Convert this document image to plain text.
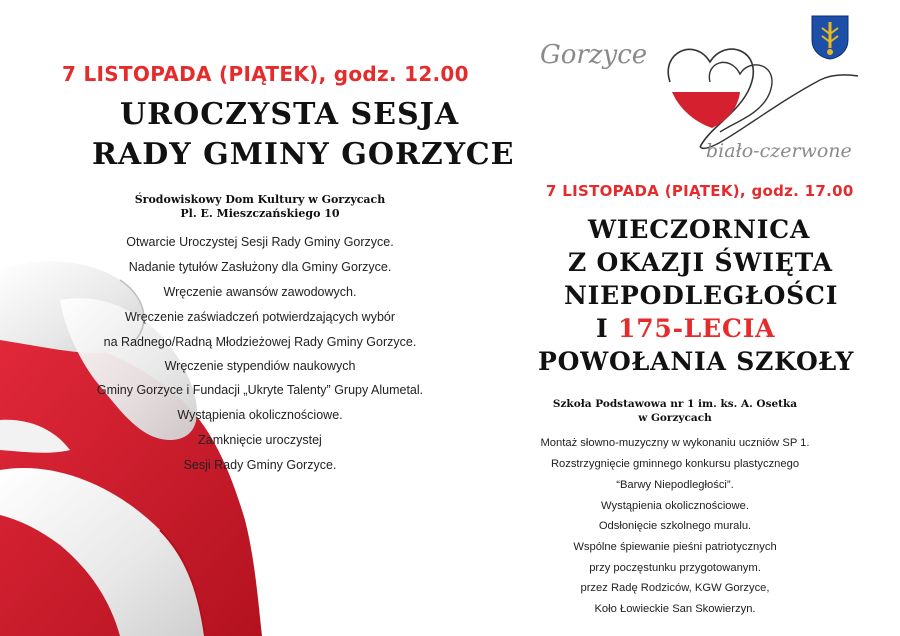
Gorzyce
biało-czerwone
7 LISTOPADA (PIĄTEK), godz. 12.00
UROCZYSTA SESJA
RADY GMINY GORZYCE
Środowiskowy Dom Kultury w Gorzycach
Pl. E. Mieszczańskiego 10
Otwarcie Uroczystej Sesji Rady Gminy Gorzyce.
Nadanie tytułów Zasłużony dla Gminy Gorzyce.
Wręczenie awansów zawodowych.
Wręczenie zaświadczeń potwierdzających wybór
na Radnego/Radną Młodzieżowej Rady Gminy Gorzyce.
Wręczenie stypendiów naukowych
Gminy Gorzyce i Fundacji „Ukryte Talenty” Grupy Alumetal.
Wystąpienia okolicznościowe.
Zamknięcie uroczystej
Sesji Rady Gminy Gorzyce.
7 LISTOPADA (PIĄTEK), godz. 17.00
WIECZORNICA
Z OKAZJI ŚWIĘTA
NIEPODLEGŁOŚCI
I 175-LECIA
POWOŁANIA SZKOŁY
Szkoła Podstawowa nr 1 im. ks. A. Osetka
w Gorzycach
Montaż słowno-muzyczny w wykonaniu uczniów SP 1.
Rozstrzygnięcie gminnego konkursu plastycznego
“Barwy Niepodległości”.
Wystąpienia okolicznościowe.
Odsłonięcie szkolnego muralu.
Wspólne śpiewanie pieśni patriotycznych
przy poczęstunku przygotowanym.
przez Radę Rodziców, KGW Gorzyce,
Koło Łowieckie San Skowierzyn.
